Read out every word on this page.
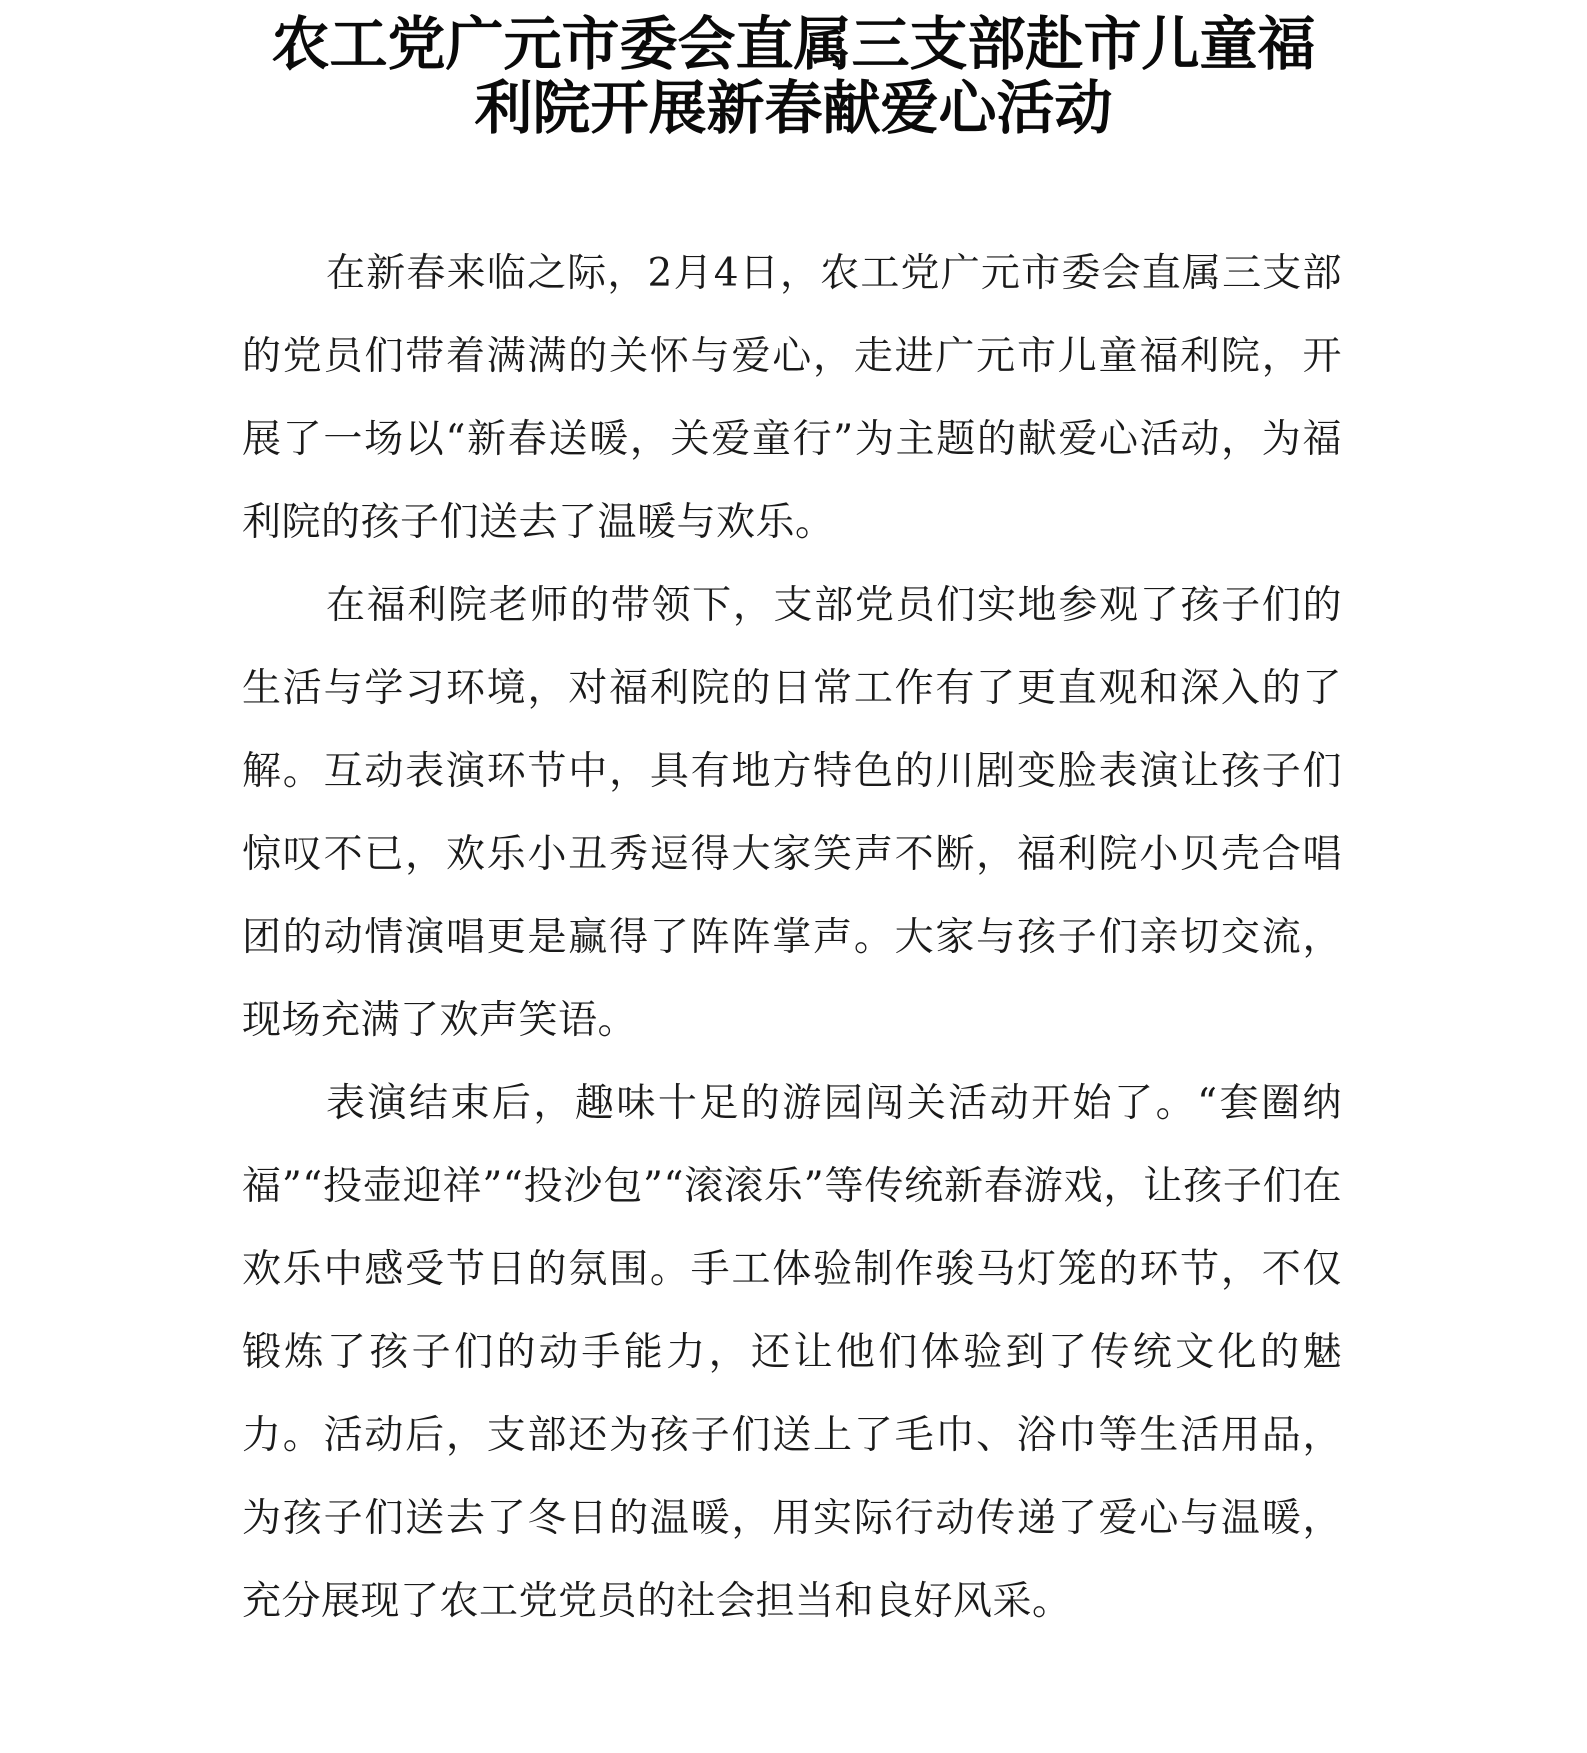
农工党广元市委会直属三支部赴市儿童福
利院开展新春献爱心活动

在新春来临之际，2月4日，农工党广元市委会直属三支部的党员们带着满满的关怀与爱心，走进广元市儿童福利院，开展了一场以“新春送暖，关爱童行”为主题的献爱心活动，为福利院的孩子们送去了温暖与欢乐。

在福利院老师的带领下，支部党员们实地参观了孩子们的生活与学习环境，对福利院的日常工作有了更直观和深入的了解。互动表演环节中，具有地方特色的川剧变脸表演让孩子们惊叹不已，欢乐小丑秀逗得大家笑声不断，福利院小贝壳合唱团的动情演唱更是赢得了阵阵掌声。大家与孩子们亲切交流，现场充满了欢声笑语。

表演结束后，趣味十足的游园闯关活动开始了。“套圈纳福”“投壶迎祥”“投沙包”“滚滚乐”等传统新春游戏，让孩子们在欢乐中感受节日的氛围。手工体验制作骏马灯笼的环节，不仅锻炼了孩子们的动手能力，还让他们体验到了传统文化的魅力。活动后，支部还为孩子们送上了毛巾、浴巾等生活用品，为孩子们送去了冬日的温暖，用实际行动传递了爱心与温暖，充分展现了农工党党员的社会担当和良好风采。
